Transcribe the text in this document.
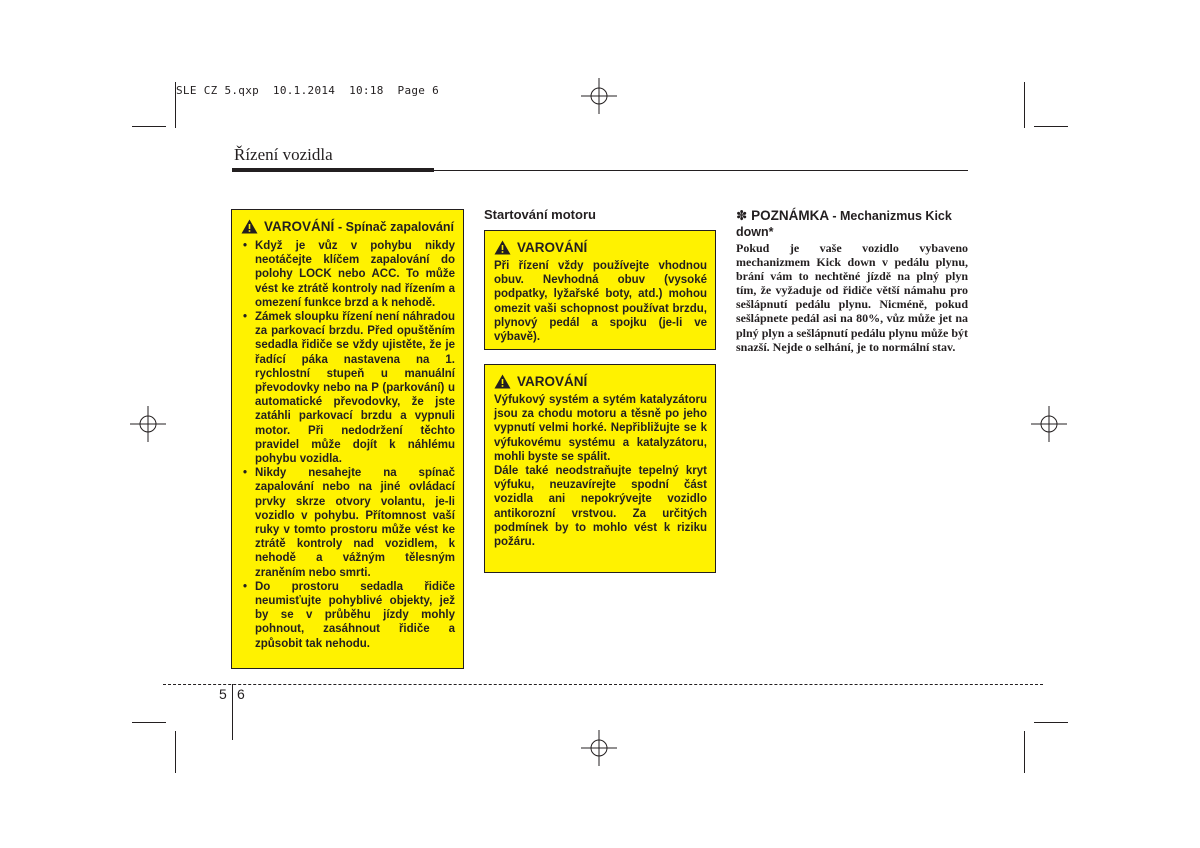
SLE CZ 5.qxp  10.1.2014  10:18  Page 6
Řízení vozidla
VAROVÁNÍ - Spínač zapalování
• Když je vůz v pohybu nikdy neotáčejte klíčem zapalování do polohy LOCK nebo ACC. To může vést ke ztrátě kontroly nad řízením a omezení funkce brzd a k nehodě.
• Zámek sloupku řízení není náhradou za parkovací brzdu. Před opuštěním sedadla řidiče se vždy ujistěte, že je řadící páka nastavena na 1. rychlostní stupeň u manuální převodovky nebo na P (parkování) u automatické převodovky, že jste zatáhli parkovací brzdu a vypnuli motor. Při nedodržení těchto pravidel může dojít k náhlému pohybu vozidla.
• Nikdy nesahejte na spínač zapalování nebo na jiné ovládací prvky skrze otvory volantu, je-li vozidlo v pohybu. Přítomnost vaší ruky v tomto prostoru může vést ke ztrátě kontroly nad vozidlem, k nehodě a vážným tělesným zraněním nebo smrti.
• Do prostoru sedadla řidiče neumisťujte pohyblivé objekty, jež by se v průběhu jízdy mohly pohnout, zasáhnout řidiče a způsobit tak nehodu.
Startování motoru
VAROVÁNÍ
Při řízení vždy používejte vhodnou obuv. Nevhodná obuv (vysoké podpatky, lyžařské boty, atd.) mohou omezit vaši schopnost používat brzdu, plynový pedál a spojku (je-li ve výbavě).
VAROVÁNÍ
Výfukový systém a sytém katalyzátoru jsou za chodu motoru a těsně po jeho vypnutí velmi horké. Nepřibližujte se k výfukovému systému a katalyzátoru, mohli byste se spálit.
Dále také neodstraňujte tepelný kryt výfuku, neuzavírejte spodní část vozidla ani nepokrývejte vozidlo antikorozní vrstvou. Za určitých podmínek by to mohlo vést k riziku požáru.
✽ POZNÁMKA - Mechanizmus Kick down*
Pokud je vaše vozidlo vybaveno mechanizmem Kick down v pedálu plynu, brání vám to nechtěné jízdě na plný plyn tím, že vyžaduje od řidiče větší námahu pro sešlápnutí pedálu plynu. Nicméně, pokud sešlápnete pedál asi na 80%, vůz může jet na plný plyn a sešlápnutí pedálu plynu může být snazší. Nejde o selhání, je to normální stav.
5 6
